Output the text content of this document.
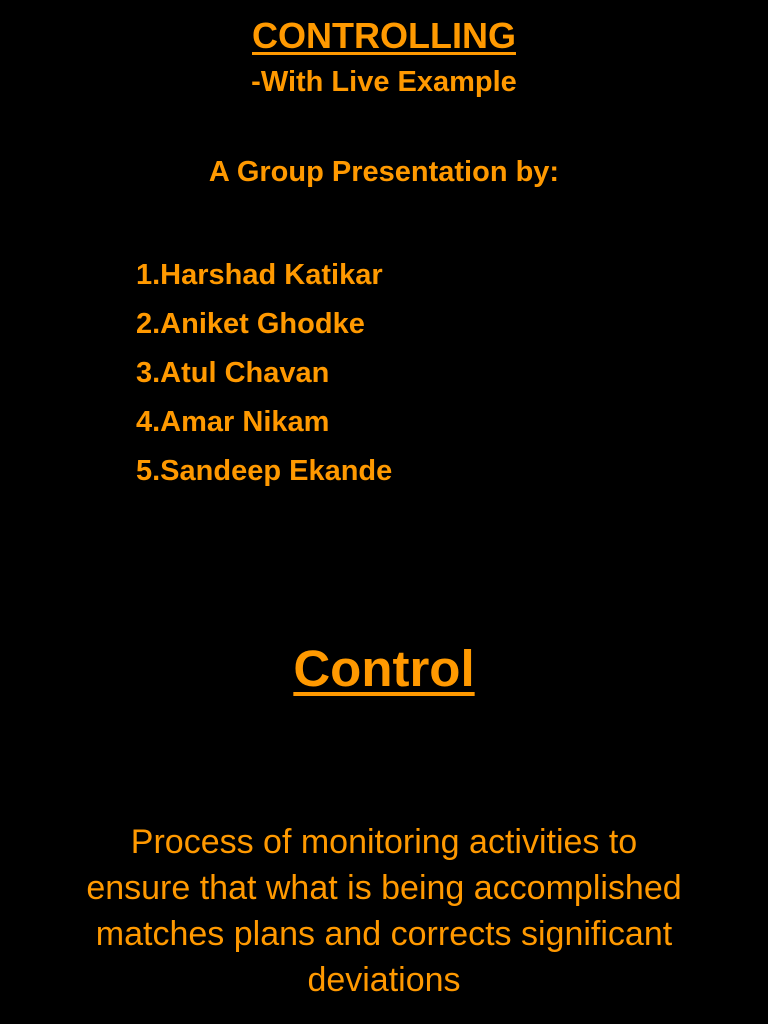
CONTROLLING
-With Live Example
A Group Presentation by:
1.Harshad Katikar
2.Aniket Ghodke
3.Atul Chavan
4.Amar Nikam
5.Sandeep Ekande
Control
Process of monitoring activities to ensure that what is being accomplished matches plans and corrects significant deviations
